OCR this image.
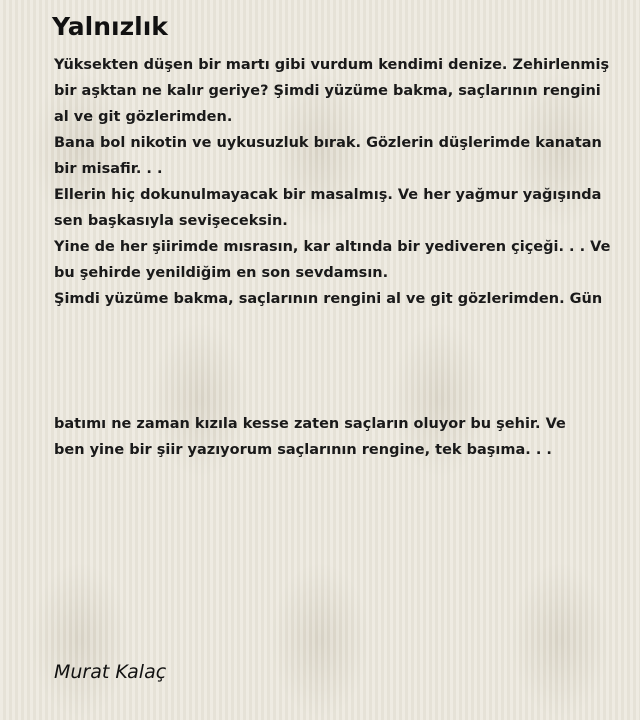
Yalnızlık
Yüksekten düşen bir martı gibi vurdum kendimi denize. Zehirlenmiş
bir aşktan ne kalır geriye? Şimdi yüzüme bakma, saçlarının rengini
al ve git gözlerimden.
Bana bol nikotin ve uykusuzluk bırak. Gözlerin düşlerimde kanatan
bir misafir. . .
Ellerin hiç dokunulmayacak bir masalmış. Ve her yağmur yağışında
sen başkasıyla sevişeceksin.
Yine de her şiirimde mısrasın, kar altında bir yediveren çiçeği. . . Ve
bu şehirde yenildiğim en son sevdamsın.
Şimdi yüzüme bakma, saçlarının rengini al ve git gözlerimden. Gün
batımı ne zaman kızıla kesse zaten saçların oluyor bu şehir. Ve
ben yine bir şiir yazıyorum saçlarının rengine, tek başıma. . .
Murat Kalaç
